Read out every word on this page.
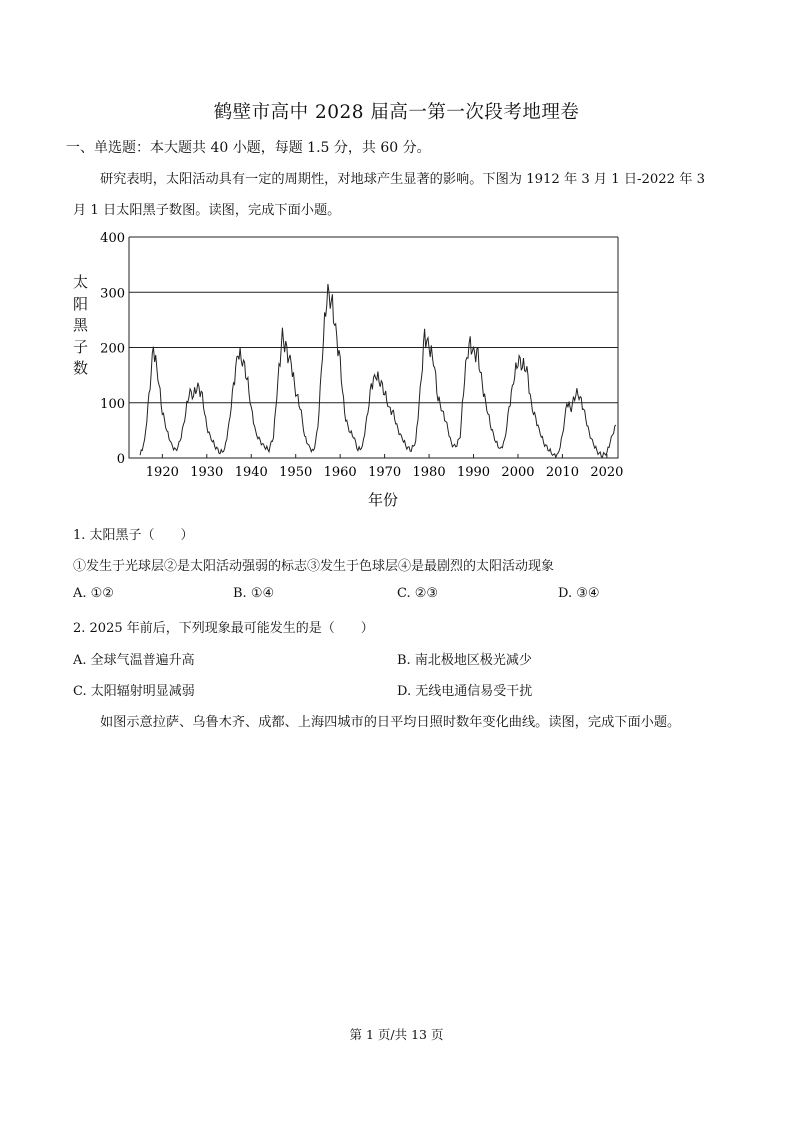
鹤壁市高中 2028 届高一第一次段考地理卷
一、单选题：本大题共 40 小题，每题 1.5 分，共 60 分。
研究表明，太阳活动具有一定的周期性，对地球产生显著的影响。下图为 1912 年 3 月 1 日-2022 年 3
月 1 日太阳黑子数图。读图，完成下面小题。
0
100
200
300
400
1920 1930 1940 1950 1960 1970 1980 1990 2000 2010 2020
年份
太
阳
黑
子
数
1. 太阳黑子（　　）
①发生于光球层②是太阳活动强弱的标志③发生于色球层④是最剧烈的太阳活动现象
A. ①②	B. ①④	C. ②③	D. ③④
2. 2025 年前后，下列现象最可能发生的是（　　）
A. 全球气温普遍升高	B. 南北极地区极光减少
C. 太阳辐射明显减弱	D. 无线电通信易受干扰
如图示意拉萨、乌鲁木齐、成都、上海四城市的日平均日照时数年变化曲线。读图，完成下面小题。
第 1 页/共 13 页
